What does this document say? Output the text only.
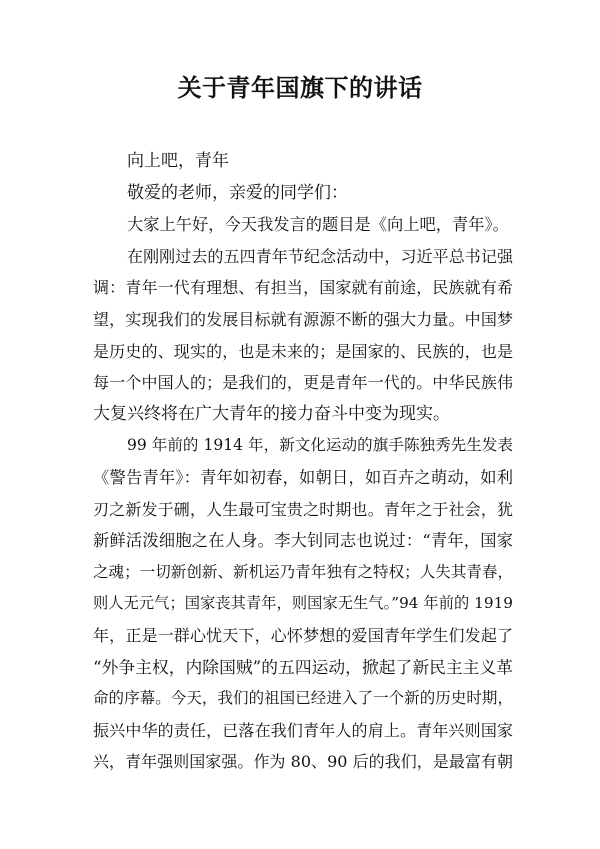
关于青年国旗下的讲话
向上吧，青年
敬爱的老师，亲爱的同学们：
大家上午好，今天我发言的题目是《向上吧，青年》。
在刚刚过去的五四青年节纪念活动中，习近平总书记强
调：青年一代有理想、有担当，国家就有前途，民族就有希
望，实现我们的发展目标就有源源不断的强大力量。中国梦
是历史的、现实的，也是未来的；是国家的、民族的，也是
每一个中国人的；是我们的，更是青年一代的。中华民族伟
大复兴终将在广大青年的接力奋斗中变为现实。
99 年前的 1914 年，新文化运动的旗手陈独秀先生发表
《警告青年》：青年如初春，如朝日，如百卉之萌动，如利
刃之新发于硎，人生最可宝贵之时期也。青年之于社会，犹
新鲜活泼细胞之在人身。李大钊同志也说过：“青年，国家
之魂；一切新创新、新机运乃青年独有之特权；人失其青春，
则人无元气；国家丧其青年，则国家无生气。”94 年前的 1919
年，正是一群心忧天下，心怀梦想的爱国青年学生们发起了
“外争主权，内除国贼”的五四运动，掀起了新民主主义革
命的序幕。今天，我们的祖国已经进入了一个新的历史时期，
振兴中华的责任，已落在我们青年人的肩上。青年兴则国家
兴，青年强则国家强。作为 80、90 后的我们，是最富有朝
